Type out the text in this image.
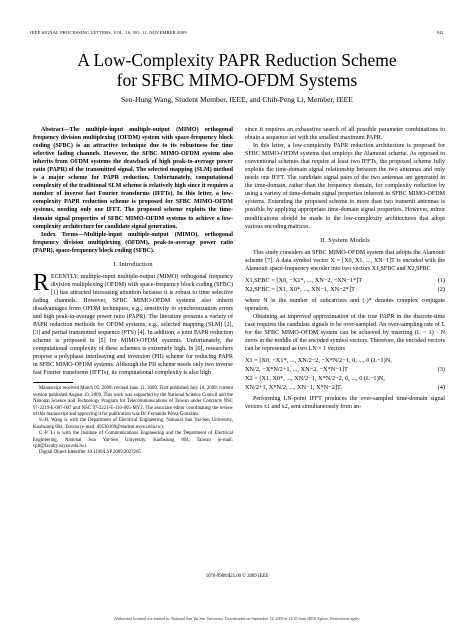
IEEE SIGNAL PROCESSING LETTERS, VOL. 16, NO. 11, NOVEMBER 2009	941
A Low-Complexity PAPR Reduction Scheme
for SFBC MIMO-OFDM Systems
Sen-Hung Wang, Student Member, IEEE, and Chih-Peng Li, Member, IEEE

Abstract—The multiple-input multiple-output (MIMO) orthogonal frequency division multiplexing (OFDM) system with space-frequency block coding (SFBC) is an attractive technique due to its robustness for time selective fading channels. However, the SFBC MIMO-OFDM system also inherits from OFDM systems the drawback of high peak-to-average power ratio (PAPR) of the transmitted signal. The selected mapping (SLM) method is a major scheme for PAPR reduction. Unfortunately, computational complexity of the traditional SLM scheme is relatively high since it requires a number of inverse fast Fourier transforms (IFFTs). In this letter, a low-complexity PAPR reduction scheme is proposed for SFBC MIMO-OFDM systems, needing only one IFFT. The proposed scheme exploits the time-domain signal properties of SFBC MIMO-OFDM systems to achieve a low-complexity architecture for candidate signal generation.

Index Terms—Multiple-input multiple-output (MIMO), orthogonal frequency division multiplexing (OFDM), peak-to-average power ratio (PAPR), space-frequency block coding (SFBC).

I. Introduction

RECENTLY, multiple-input multiple-output (MIMO) orthogonal frequency division multiplexing (OFDM) with space-frequency block coding (SFBC) [1] has attracted increasing attention because it is robust to time selective fading channels. However, SFBC MIMO-OFDM systems also inherit disadvantages from OFDM techniques, e.g., sensitivity to synchronization errors and high peak-to-average power ratio (PAPR). The literature presents a variety of PAPR reduction methods for OFDM systems, e.g., selected mapping (SLM) [2], [3] and partial transmitted sequence (PTS) [4]. In addition, a joint PAPR reduction scheme is proposed in [5] for MIMO-OFDM systems. Unfortunately, the computational complexity of these schemes is extremely high. In [6], researchers propose a polyphase interleaving and inversion (PII) scheme for reducing PAPR in SFBC MIMO-OFDM systems. Although the PII scheme needs only two inverse fast Fourier transforms (IFFTs), its computational complexity is also high

Manuscript received March 05, 2009; revised June 11, 2009. First published July 10, 2009; current version published August 19, 2009. This work was supported by the National Science Council and the National Science and Technology Program for Telecommunications of Taiwan under Contracts NSC 97-2219-E-007-007 and NSC 97-2221-E-110-005-MY2. The associate editor coordinating the review of this manuscript and approving it for publication was Dr. Fernando Pérez-González.

S.-H. Wang is with the Department of Electrical Engineering, National Sun Yat-Sen University, Kaohsiung 804, Taiwan (e-mail: d9530109@student.nsysu.edu.tw).

C.-P. Li is with the Institute of Communications Engineering and the Department of Electrical Engineering, National Sun Yat-Sen University, Kaohsiung 804, Taiwan (e-mail: cpli@faculty.nsysu.edu.tw).

Digital Object Identifier 10.1109/LSP.2009.2027205

since it requires an exhaustive search of all possible parameter combinations to obtain a sequence set with the smallest maximum PAPR.

In this letter, a low-complexity PAPR reduction architecture is proposed for SFBC MIMO-OFDM systems that employs the Alamouti scheme. As opposed to conventional schemes that require at least two IFFTs, the proposed scheme fully exploits the time-domain signal relationship between the two antennas and only needs one IFFT. The candidate signal pairs of the two antennas are generated in the time-domain, rather than the frequency domain, for complexity reduction by using a variety of time-domain signal properties inherent in SFBC MIMO-OFDM systems. Extending the proposed scheme to more than two transmit antennas is possible by applying appropriate time-domain signal properties. However, minor modifications should be made to the low-complexity architectures that adopt various encoding matrices.

II. System Models

This study considers an SFBC MIMO-OFDM system that adopts the Alamouti scheme [7]. A data symbol vector X = [X0, X1, ..., XN−1]T is encoded with the Alamouti space-frequency encoder into two vectors X1,SFBC and X2,SFBC

X1,SFBC = [X0, −X1*, ..., XN−2, −XN−1*]T	(1)
X2,SFBC = [X1, X0*, ..., XN−1, XN−2*]T	(2)

where N is the number of subcarriers and (·)* denotes complex conjugate operation.

Obtaining an improved approximation of the true PAPR in the discrete-time case requires the candidate signals to be over-sampled. An over-sampling rate of L for the SFBC MIMO-OFDM system can be achieved by inserting (L − 1) · N zeros in the middle of the encoded symbol vectors. Therefore, the encoded vectors can be represented as two LN × 1 vectors

X1 = [X0, −X1*, ..., XN/2−2, −X*N/2−1, 0, ..., 0 (L−1)N,
XN/2, −X*N/2+1, ..., XN−2, −X*N−1]T	(3)
X2 = [X1, X0*, ..., XN/2−1, X*N/2−2, 0, ..., 0 (L−1)N,
XN/2+1, X*N/2, ..., XN−1, X*N−2]T.	(4)

Performing LN-point IFFT produces the over-sampled time-domain signal vectors x1 and x2, sent simultaneously from an-

1070-9908/$25.00 © 2009 IEEE
Authorized licensed use limited to: National Sun Yat Sen University. Downloaded on September 12, 2009 at 13:20 from IEEE Xplore. Restrictions apply.
